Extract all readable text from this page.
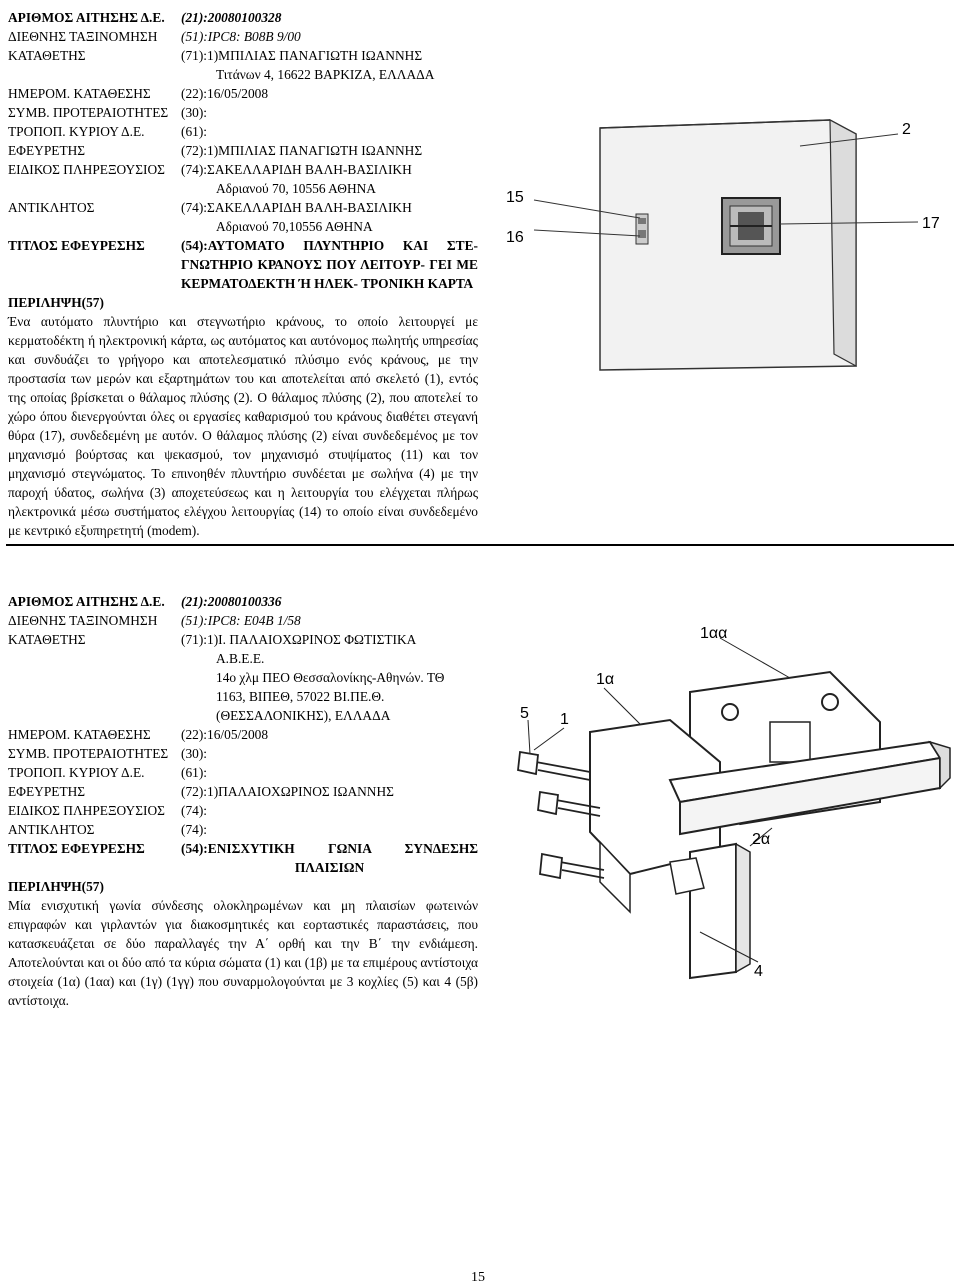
ΑΡΙΘΜΟΣ ΑΙΤΗΣΗΣ Δ.Ε.	(21):20080100328
ΔΙΕΘΝΗΣ ΤΑΞΙΝΟΜΗΣΗ	(51):IPC8: B08B 9/00
ΚΑΤΑΘΕΤΗΣ	(71):1)ΜΠΙΛΙΑΣ ΠΑΝΑΓΙΩΤΗ ΙΩΑΝΝΗΣ
Τιτάνων 4, 16622 ΒΑΡΚΙΖΑ, ΕΛΛΑΔΑ
ΗΜΕΡΟΜ. ΚΑΤΑΘΕΣΗΣ	(22):16/05/2008
ΣΥΜΒ. ΠΡΟΤΕΡΑΙΟΤΗΤΕΣ (30):
ΤΡΟΠΟΠ. ΚΥΡΙΟΥ Δ.Ε.	(61):
ΕΦΕΥΡΕΤΗΣ	(72):1)ΜΠΙΛΙΑΣ ΠΑΝΑΓΙΩΤΗ ΙΩΑΝΝΗΣ
ΕΙΔΙΚΟΣ ΠΛΗΡΕΞΟΥΣΙΟΣ	(74):ΣΑΚΕΛΛΑΡΙΔΗ ΒΑΛΗ-ΒΑΣΙΛΙΚΗ
Αδριανού 70, 10556 ΑΘΗΝΑ
ΑΝΤΙΚΛΗΤΟΣ	(74):ΣΑΚΕΛΛΑΡΙΔΗ ΒΑΛΗ-ΒΑΣΙΛΙΚΗ
Αδριανού 70,10556 ΑΘΗΝΑ
ΤΙΤΛΟΣ ΕΦΕΥΡΕΣΗΣ	(54):ΑΥΤΟΜΑΤΟ ΠΛΥΝΤΗΡΙΟ ΚΑΙ ΣΤΕ- ΓΝΩΤΗΡΙΟ ΚΡΑΝΟΥΣ ΠΟΥ ΛΕΙΤΟΥΡ- ΓΕΙ ΜΕ ΚΕΡΜΑΤΟΔΕΚΤΗ Ή ΗΛΕΚ- ΤΡΟΝΙΚΗ ΚΑΡΤΑ
ΠΕΡΙΛΗΨΗ(57)
Ένα αυτόματο πλυντήριο και στεγνωτήριο κράνους, το οποίο λειτουργεί με κερματοδέκτη ή ηλεκτρονική κάρτα, ως αυτόματος και αυτόνομος πωλητής υπηρεσίας και συνδυάζει το γρήγορο και αποτελεσματικό πλύσιμο ενός κράνους, με την προστασία των μερών και εξαρτημάτων του και αποτελείται από σκελετό (1), εντός της οποίας βρίσκεται ο θάλαμος πλύσης (2). Ο θάλαμος πλύσης (2), που αποτελεί το χώρο όπου διενεργούνται όλες οι εργασίες καθαρισμού του κράνους διαθέτει στεγανή θύρα (17), συνδεδεμένη με αυτόν. Ο θάλαμος πλύσης (2) είναι συνδεδεμένος με τον μηχανισμό βούρτσας και ψεκασμού, τον μηχανισμό στυψίματος (11) και τον μηχανισμό στεγνώματος. Το επινοηθέν πλυντήριο συνδέεται με σωλήνα (4) με την παροχή ύδατος, σωλήνα (3) αποχετεύσεως και η λειτουργία του ελέγχεται πλήρως ηλεκτρονικά μέσω συστήματος ελέγχου λειτουργίας (14) το οποίο είναι συνδεδεμένο με κεντρικό εξυπηρετητή (modem).
2
15
16
17
ΑΡΙΘΜΟΣ ΑΙΤΗΣΗΣ Δ.Ε.	(21):20080100336
ΔΙΕΘΝΗΣ ΤΑΞΙΝΟΜΗΣΗ	(51):IPC8: E04B 1/58
ΚΑΤΑΘΕΤΗΣ	(71):1)Ι. ΠΑΛΑΙΟΧΩΡΙΝΟΣ ΦΩΤΙΣΤΙΚΑ
Α.Β.Ε.Ε.
14ο χλμ ΠΕΟ Θεσσαλονίκης-Αθηνών. ΤΘ
1163, ΒΙΠΕΘ, 57022 ΒΙ.ΠΕ.Θ.
(ΘΕΣΣΑΛΟΝΙΚΗΣ), ΕΛΛΑΔΑ
ΗΜΕΡΟΜ. ΚΑΤΑΘΕΣΗΣ	(22):16/05/2008
ΣΥΜΒ. ΠΡΟΤΕΡΑΙΟΤΗΤΕΣ (30):
ΤΡΟΠΟΠ. ΚΥΡΙΟΥ Δ.Ε.	(61):
ΕΦΕΥΡΕΤΗΣ	(72):1)ΠΑΛΑΙΟΧΩΡΙΝΟΣ ΙΩΑΝΝΗΣ
ΕΙΔΙΚΟΣ ΠΛΗΡΕΞΟΥΣΙΟΣ	(74):
ΑΝΤΙΚΛΗΤΟΣ	(74):
ΤΙΤΛΟΣ ΕΦΕΥΡΕΣΗΣ	(54):ΕΝΙΣΧΥΤΙΚΗ ΓΩΝΙΑ ΣΥΝΔΕΣΗΣ ΠΛΑΙΣΙΩΝ
ΠΕΡΙΛΗΨΗ(57)
Μία ενισχυτική γωνία σύνδεσης ολοκληρωμένων και μη πλαισίων φωτεινών επιγραφών και γιρλαντών για διακοσμητικές και εορταστικές παραστάσεις, που κατασκευάζεται σε δύο παραλλαγές την Α΄ ορθή και την Β΄ την ενδιάμεση. Αποτελούνται και οι δύο από τα κύρια σώματα (1) και (1β) με τα επιμέρους αντίστοιχα στοιχεία (1α) (1αα) και (1γ) (1γγ) που συναρμολογούνται με 3 κοχλίες (5) και 4 (5β) αντίστοιχα.
1αα
1α
5 1
2α
4
15
